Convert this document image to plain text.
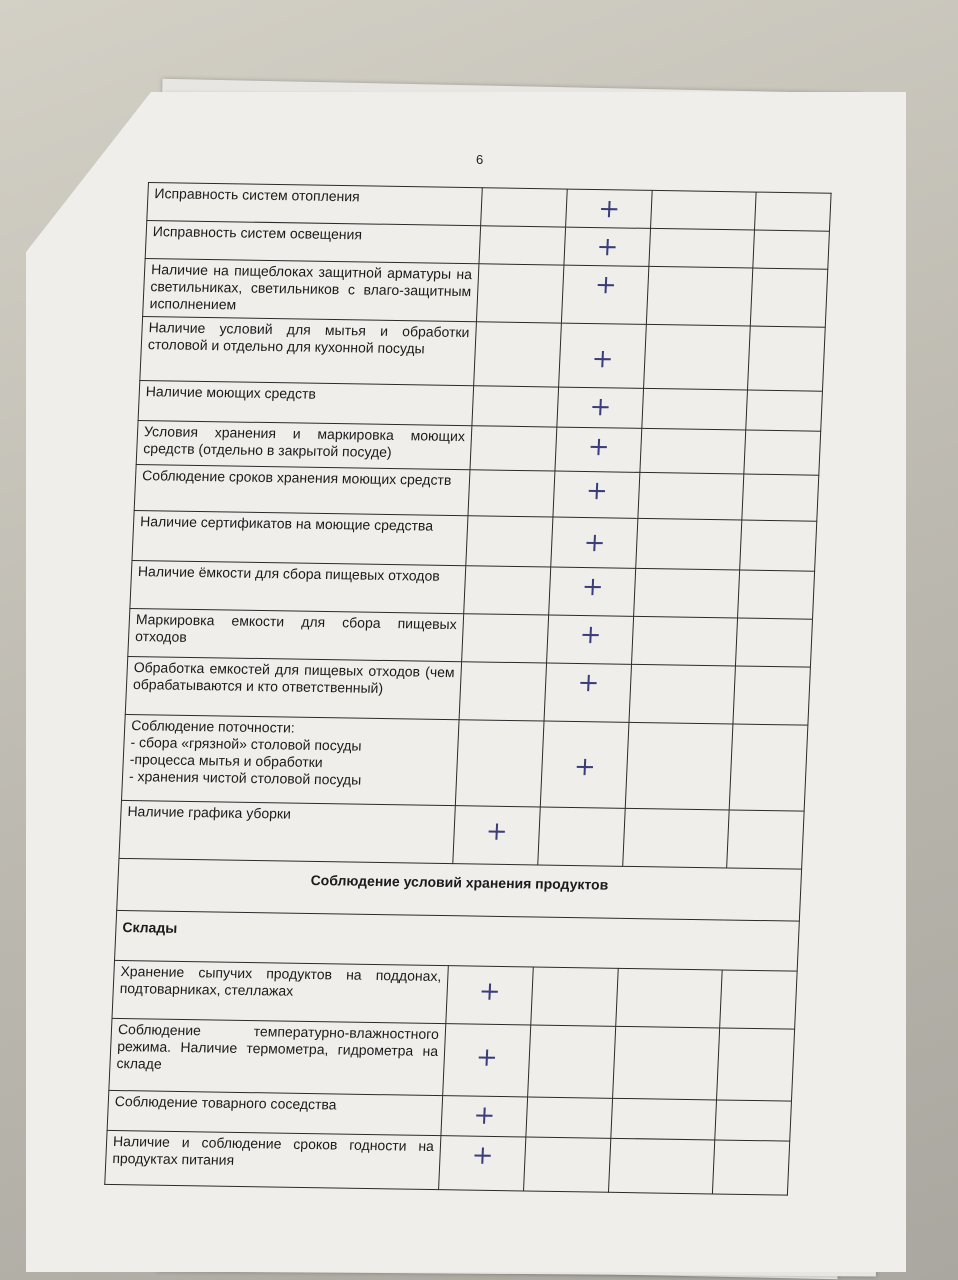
6
Исправность систем отопления		+		

Исправность систем освещения		+		

Наличие на пищеблоках защитной арматуры на светильниках, светильников с влаго-защитным исполнением		+		

Наличие условий для мытья и обработки столовой и отдельно для кухонной посуды		+		

Наличие моющих средств		+		

Условия хранения и маркировка моющих средств (отдельно в закрытой посуде)		+		

Соблюдение сроков хранения моющих средств		+		

Наличие сертификатов на моющие средства		+		

Наличие ёмкости для сбора пищевых отходов		+		

Маркировка емкости для сбора пищевых отходов		+		

Обработка емкостей для пищевых отходов (чем обрабатываются и кто ответственный)		+		

Соблюдение поточности:
- сбора «грязной» столовой посуды
-процесса мытья и обработки
- хранения чистой столовой посуды		+		

Наличие графика уборки	+			

Соблюдение условий хранения продуктов				
Склады				
Хранение сыпучих продуктов на поддонах, подтоварниках, стеллажах	+			

Соблюдение температурно-влажностного режима. Наличие термометра, гидрометра на складе	+			

Соблюдение товарного соседства	+			

Наличие и соблюдение сроков годности на продуктах питания	+			
